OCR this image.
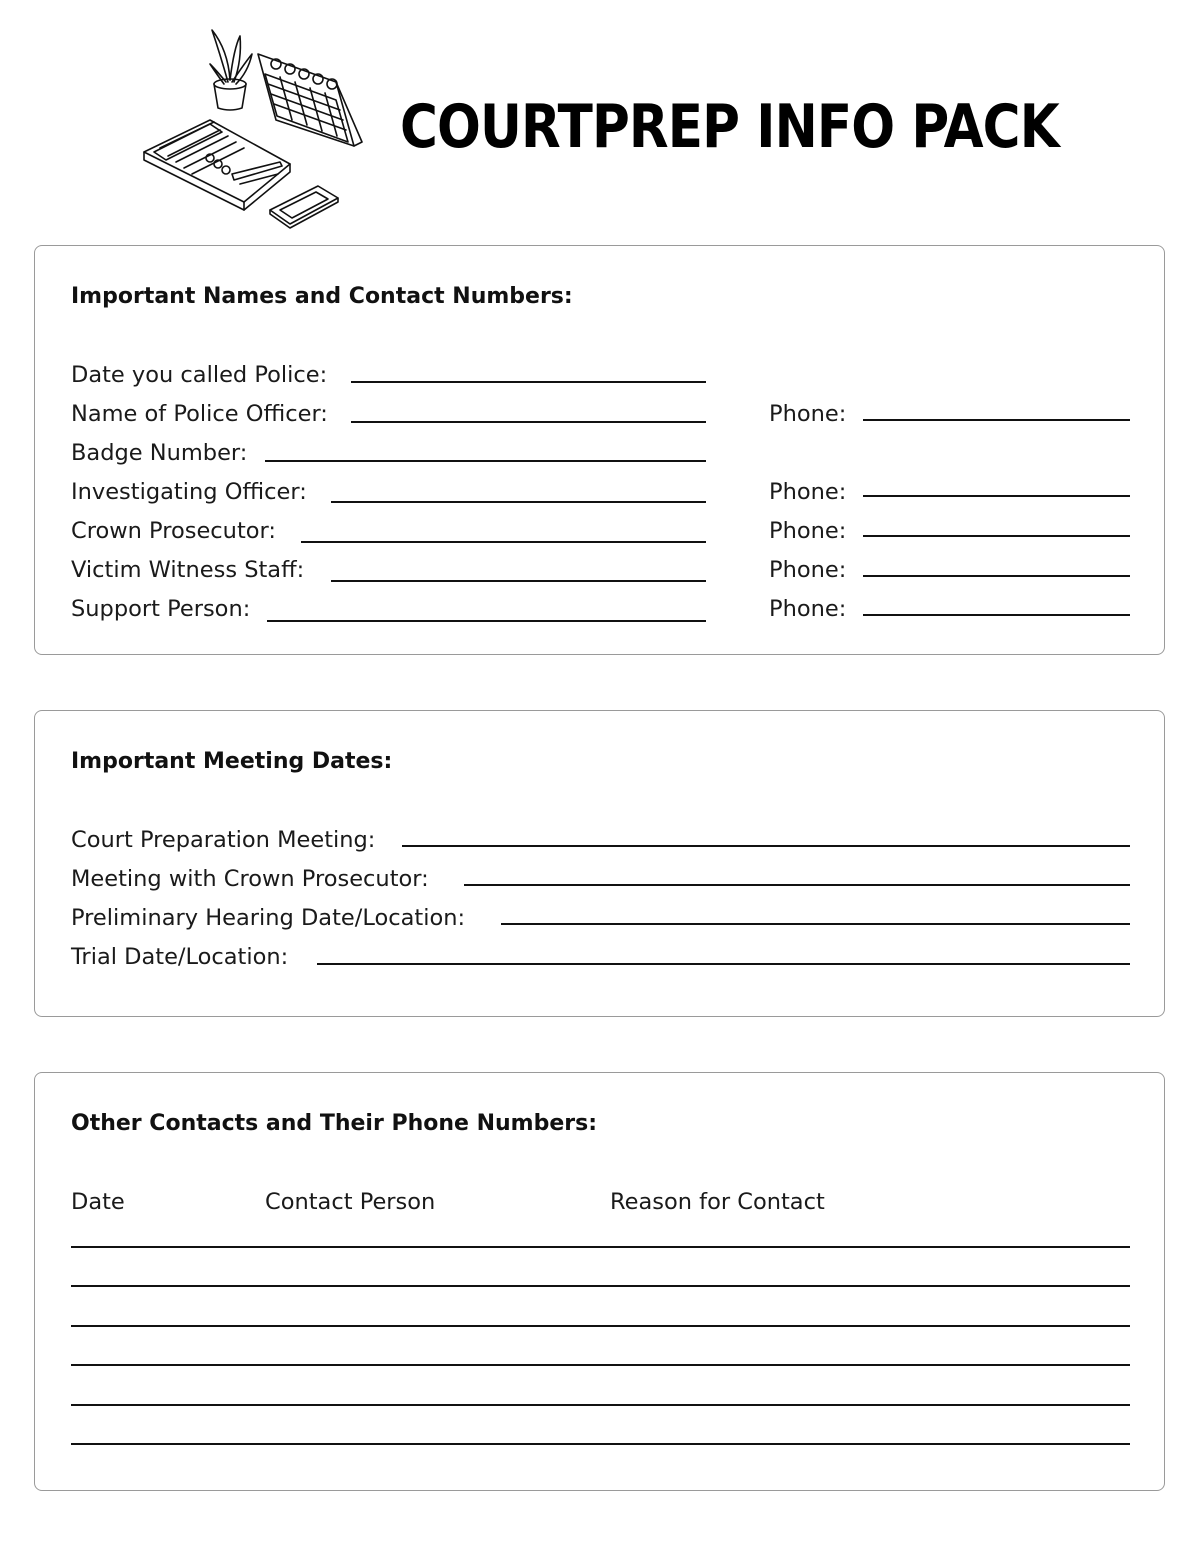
COURTPREP INFO PACK
Important Names and Contact Numbers:
Date you called Police:
Name of Police Officer:	Phone:
Badge Number:
Investigating Officer:	Phone:
Crown Prosecutor:	Phone:
Victim Witness Staff:	Phone:
Support Person:	Phone:
Important Meeting Dates:
Court Preparation Meeting:
Meeting with Crown Prosecutor:
Preliminary Hearing Date/Location:
Trial Date/Location:
Other Contacts and Their Phone Numbers:
Date	Contact Person	Reason for Contact
